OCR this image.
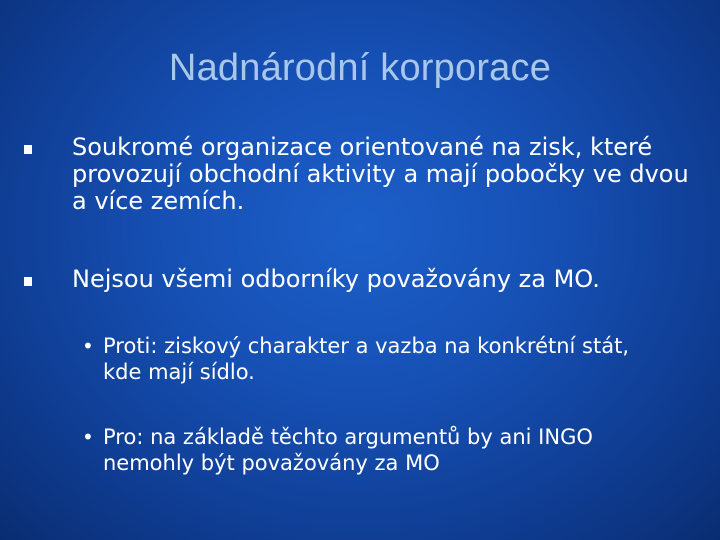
Nadnárodní korporace
Soukromé organizace orientované na zisk, které provozují obchodní aktivity a mají pobočky ve dvou a více zemích.
Nejsou všemi odborníky považovány za MO.
• Proti: ziskový charakter a vazba na konkrétní stát, kde mají sídlo.
• Pro: na základě těchto argumentů by ani INGO nemohly být považovány za MO
